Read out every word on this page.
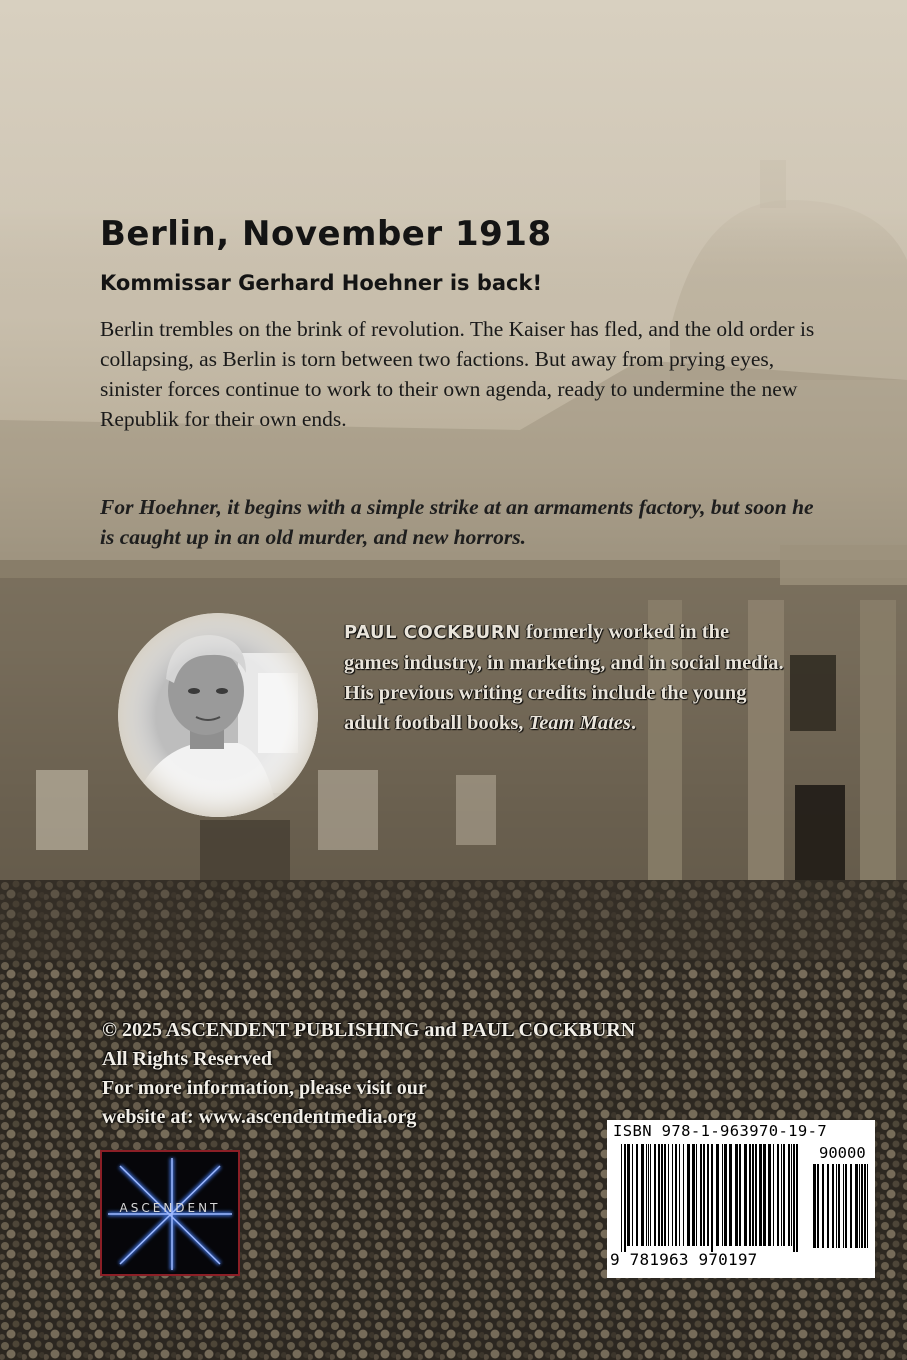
Berlin, November 1918
Kommissar Gerhard Hoehner is back!

Berlin trembles on the brink of revolution. The Kaiser has fled, and the old order is collapsing, as Berlin is torn between two factions. But away from prying eyes, sinister forces continue to work to their own agenda, ready to undermine the new Republik for their own ends.

For Hoehner, it begins with a simple strike at an armaments factory, but soon he is caught up in an old murder, and new horrors.

PAUL COCKBURN formerly worked in the games industry, in marketing, and in social media. His previous writing credits include the young adult football books, Team Mates.

© 2025 ASCENDENT PUBLISHING and PAUL COCKBURN
All Rights Reserved
For more information, please visit our
website at: www.ascendentmedia.org
ASCENDENT

ISBN 978-1-963970-19-7

90000

9 781963 970197
